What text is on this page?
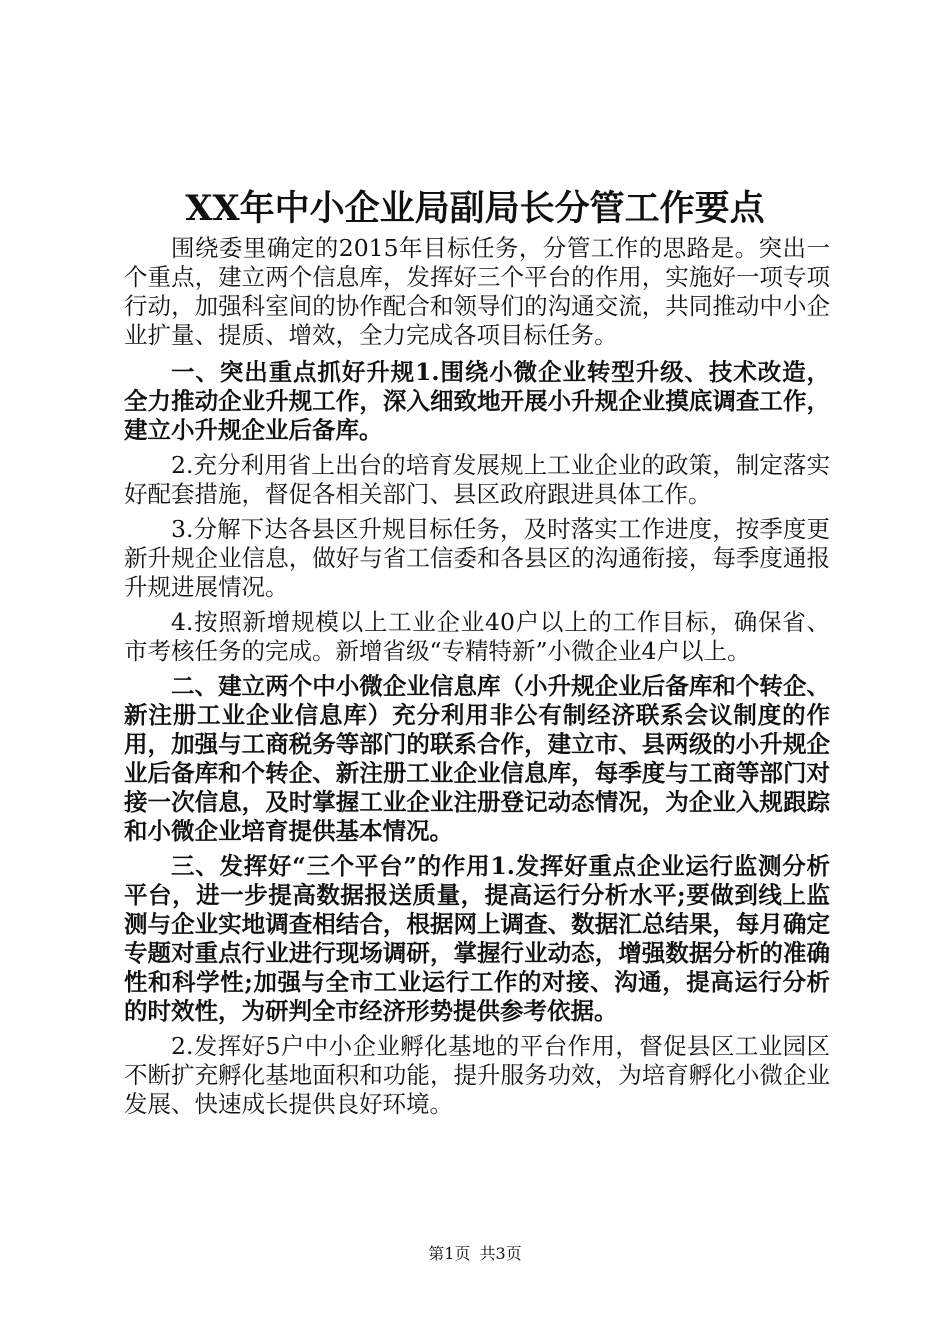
XX年中小企业局副局长分管工作要点

围绕委里确定的2015年目标任务，分管工作的思路是。突出一个重点，建立两个信息库，发挥好三个平台的作用，实施好一项专项行动，加强科室间的协作配合和领导们的沟通交流，共同推动中小企业扩量、提质、增效，全力完成各项目标任务。

一、突出重点抓好升规1.围绕小微企业转型升级、技术改造，全力推动企业升规工作，深入细致地开展小升规企业摸底调查工作，建立小升规企业后备库。

2.充分利用省上出台的培育发展规上工业企业的政策，制定落实好配套措施，督促各相关部门、县区政府跟进具体工作。

3.分解下达各县区升规目标任务，及时落实工作进度，按季度更新升规企业信息，做好与省工信委和各县区的沟通衔接，每季度通报升规进展情况。

4.按照新增规模以上工业企业40户以上的工作目标，确保省、市考核任务的完成。新增省级“专精特新”小微企业4户以上。

二、建立两个中小微企业信息库（小升规企业后备库和个转企、新注册工业企业信息库）充分利用非公有制经济联系会议制度的作用，加强与工商税务等部门的联系合作，建立市、县两级的小升规企业后备库和个转企、新注册工业企业信息库，每季度与工商等部门对接一次信息，及时掌握工业企业注册登记动态情况，为企业入规跟踪和小微企业培育提供基本情况。

三、发挥好“三个平台”的作用1.发挥好重点企业运行监测分析平台，进一步提高数据报送质量，提高运行分析水平;要做到线上监测与企业实地调查相结合，根据网上调查、数据汇总结果，每月确定专题对重点行业进行现场调研，掌握行业动态，增强数据分析的准确性和科学性;加强与全市工业运行工作的对接、沟通，提高运行分析的时效性，为研判全市经济形势提供参考依据。

2.发挥好5户中小企业孵化基地的平台作用，督促县区工业园区不断扩充孵化基地面积和功能，提升服务功效，为培育孵化小微企业发展、快速成长提供良好环境。

第1页 共3页
